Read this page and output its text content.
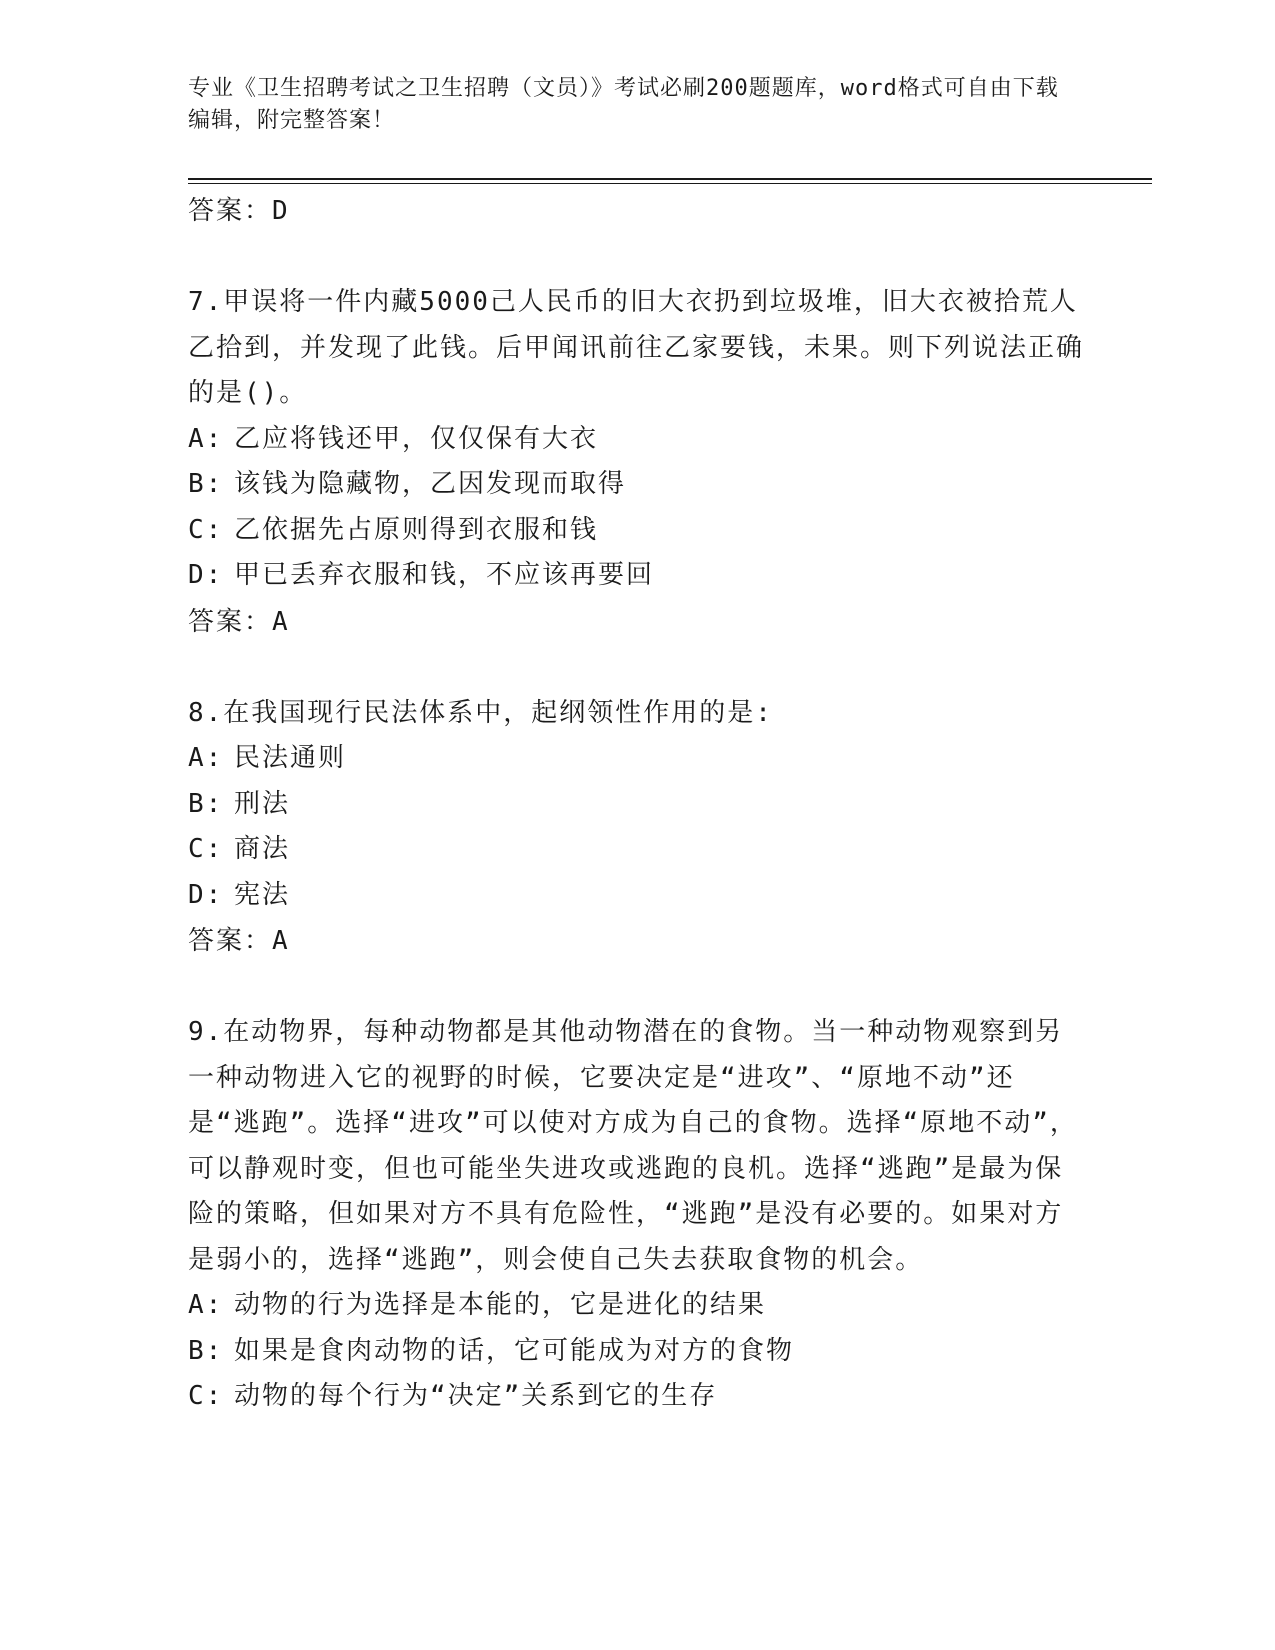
专业《卫生招聘考试之卫生招聘（文员）》考试必刷200题题库，word格式可自由下载编辑，附完整答案！
答案：D
7.甲误将一件内藏5000己人民币的旧大衣扔到垃圾堆，旧大衣被拾荒人乙拾到，并发现了此钱。后甲闻讯前往乙家要钱，未果。则下列说法正确的是()。
A: 乙应将钱还甲，仅仅保有大衣
B: 该钱为隐藏物，乙因发现而取得
C: 乙依据先占原则得到衣服和钱
D: 甲已丢弃衣服和钱，不应该再要回
答案：A
8.在我国现行民法体系中，起纲领性作用的是:
A: 民法通则
B: 刑法
C: 商法
D: 宪法
答案：A
9.在动物界，每种动物都是其他动物潜在的食物。当一种动物观察到另一种动物进入它的视野的时候，它要决定是“进攻”、“原地不动”还是“逃跑”。选择“进攻”可以使对方成为自己的食物。选择“原地不动”，可以静观时变，但也可能坐失进攻或逃跑的良机。选择“逃跑”是最为保险的策略，但如果对方不具有危险性，“逃跑”是没有必要的。如果对方是弱小的，选择“逃跑”，则会使自己失去获取食物的机会。
A: 动物的行为选择是本能的，它是进化的结果
B: 如果是食肉动物的话，它可能成为对方的食物
C: 动物的每个行为“决定”关系到它的生存
